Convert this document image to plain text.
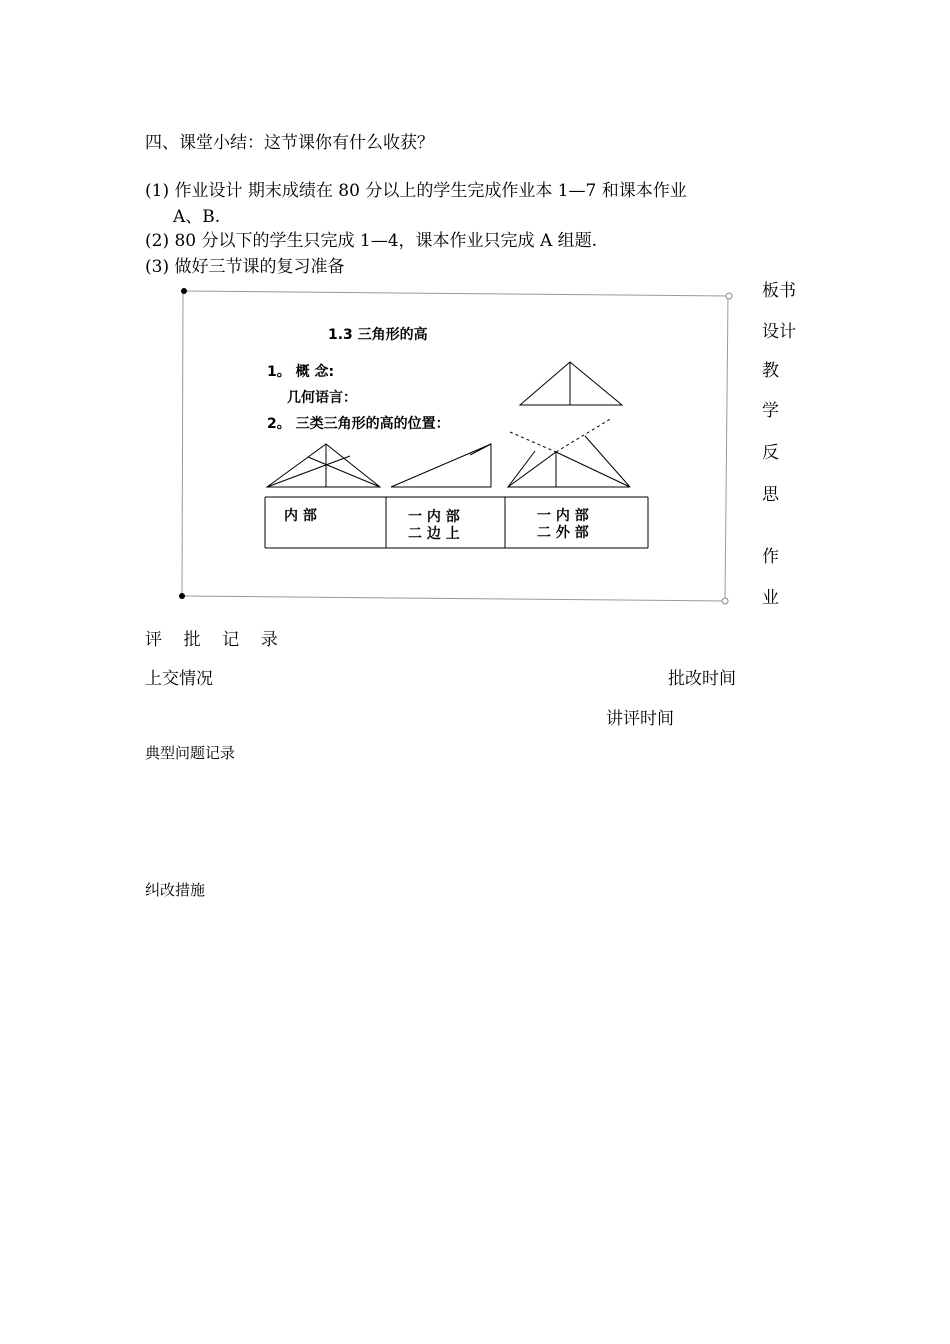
四、课堂小结：这节课你有什么收获？
(1) 作业设计 期末成绩在 80 分以上的学生完成作业本 1—7 和课本作业
A、B.
(2) 80 分以下的学生只完成 1—4，课本作业只完成 A 组题.
(3) 做好三节课的复习准备
板书
设计
教
学
反
思
作
业
1.3 三角形的高
1。 概 念:
几何语言：
2。 三类三角形的高的位置：
内 部	一 内 部
二 边 上
一 内 部
二 外 部
评    批    记    录
上交情况	批改时间
讲评时间
典型问题记录
纠改措施
